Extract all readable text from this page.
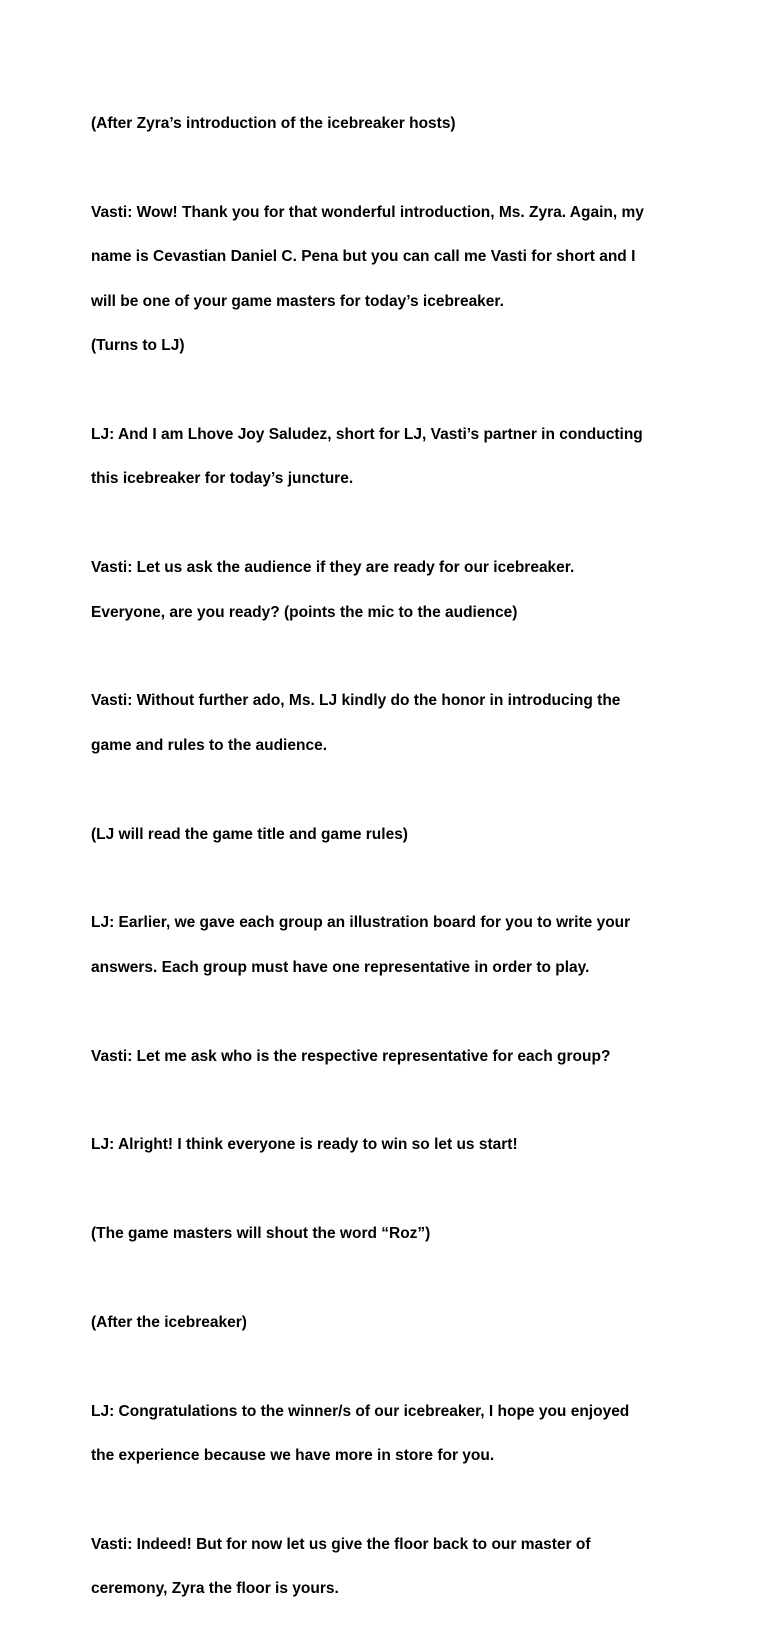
(After Zyra’s introduction of the icebreaker hosts)

Vasti: Wow! Thank you for that wonderful introduction, Ms. Zyra. Again, my

name is Cevastian Daniel C. Pena but you can call me Vasti for short and I

will be one of your game masters for today’s icebreaker.

(Turns to LJ)

LJ: And I am Lhove Joy Saludez, short for LJ, Vasti’s partner in conducting

this icebreaker for today’s juncture.

Vasti: Let us ask the audience if they are ready for our icebreaker.

Everyone, are you ready? (points the mic to the audience)

Vasti: Without further ado, Ms. LJ kindly do the honor in introducing the

game and rules to the audience.

(LJ will read the game title and game rules)

LJ: Earlier, we gave each group an illustration board for you to write your

answers. Each group must have one representative in order to play.

Vasti: Let me ask who is the respective representative for each group?

LJ: Alright! I think everyone is ready to win so let us start!

(The game masters will shout the word “Roz”)

(After the icebreaker)

LJ: Congratulations to the winner/s of our icebreaker, I hope you enjoyed

the experience because we have more in store for you.

Vasti: Indeed! But for now let us give the floor back to our master of

ceremony, Zyra the floor is yours.
